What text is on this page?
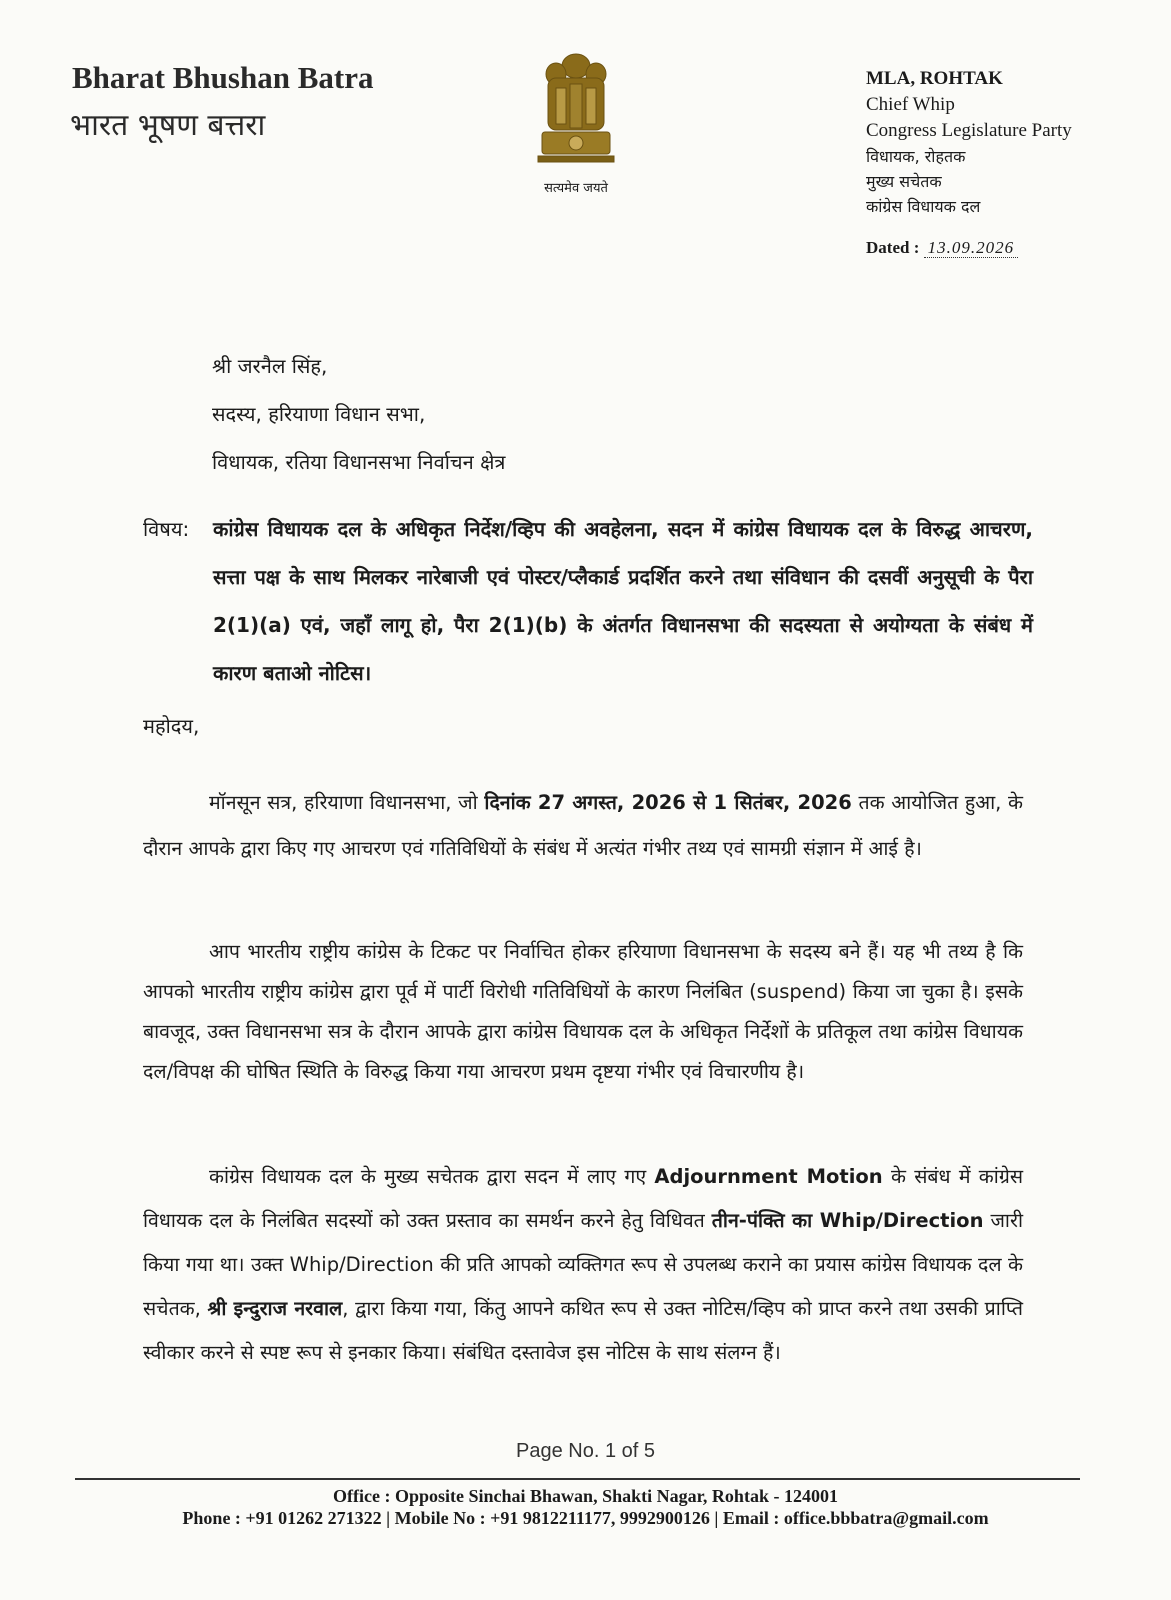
Bharat Bhushan Batra
भारत भूषण बत्तरा
सत्यमेव जयते
MLA, ROHTAK
Chief Whip
Congress Legislature Party
विधायक, रोहतक
मुख्य सचेतक
कांग्रेस विधायक दल
Dated : 13.09.2026
श्री जरनैल सिंह,
सदस्य, हरियाणा विधान सभा,
विधायक, रतिया विधानसभा निर्वाचन क्षेत्र
विषय: कांग्रेस विधायक दल के अधिकृत निर्देश/व्हिप की अवहेलना, सदन में कांग्रेस विधायक दल के विरुद्ध आचरण, सत्ता पक्ष के साथ मिलकर नारेबाजी एवं पोस्टर/प्लैकार्ड प्रदर्शित करने तथा संविधान की दसवीं अनुसूची के पैरा 2(1)(a) एवं, जहाँ लागू हो, पैरा 2(1)(b) के अंतर्गत विधानसभा की सदस्यता से अयोग्यता के संबंध में कारण बताओ नोटिस।
महोदय,
मॉनसून सत्र, हरियाणा विधानसभा, जो दिनांक 27 अगस्त, 2026 से 1 सितंबर, 2026 तक आयोजित हुआ, के दौरान आपके द्वारा किए गए आचरण एवं गतिविधियों के संबंध में अत्यंत गंभीर तथ्य एवं सामग्री संज्ञान में आई है।
आप भारतीय राष्ट्रीय कांग्रेस के टिकट पर निर्वाचित होकर हरियाणा विधानसभा के सदस्य बने हैं। यह भी तथ्य है कि आपको भारतीय राष्ट्रीय कांग्रेस द्वारा पूर्व में पार्टी विरोधी गतिविधियों के कारण निलंबित (suspend) किया जा चुका है। इसके बावजूद, उक्त विधानसभा सत्र के दौरान आपके द्वारा कांग्रेस विधायक दल के अधिकृत निर्देशों के प्रतिकूल तथा कांग्रेस विधायक दल/विपक्ष की घोषित स्थिति के विरुद्ध किया गया आचरण प्रथम दृष्टया गंभीर एवं विचारणीय है।
कांग्रेस विधायक दल के मुख्य सचेतक द्वारा सदन में लाए गए Adjournment Motion के संबंध में कांग्रेस विधायक दल के निलंबित सदस्यों को उक्त प्रस्ताव का समर्थन करने हेतु विधिवत तीन-पंक्ति का Whip/Direction जारी किया गया था। उक्त Whip/Direction की प्रति आपको व्यक्तिगत रूप से उपलब्ध कराने का प्रयास कांग्रेस विधायक दल के सचेतक, श्री इन्दुराज नरवाल, द्वारा किया गया, किंतु आपने कथित रूप से उक्त नोटिस/व्हिप को प्राप्त करने तथा उसकी प्राप्ति स्वीकार करने से स्पष्ट रूप से इनकार किया। संबंधित दस्तावेज इस नोटिस के साथ संलग्न हैं।
Page No. 1 of 5
Office : Opposite Sinchai Bhawan, Shakti Nagar, Rohtak - 124001
Phone : +91 01262 271322 | Mobile No : +91 9812211177, 9992900126 | Email : office.bbbatra@gmail.com
